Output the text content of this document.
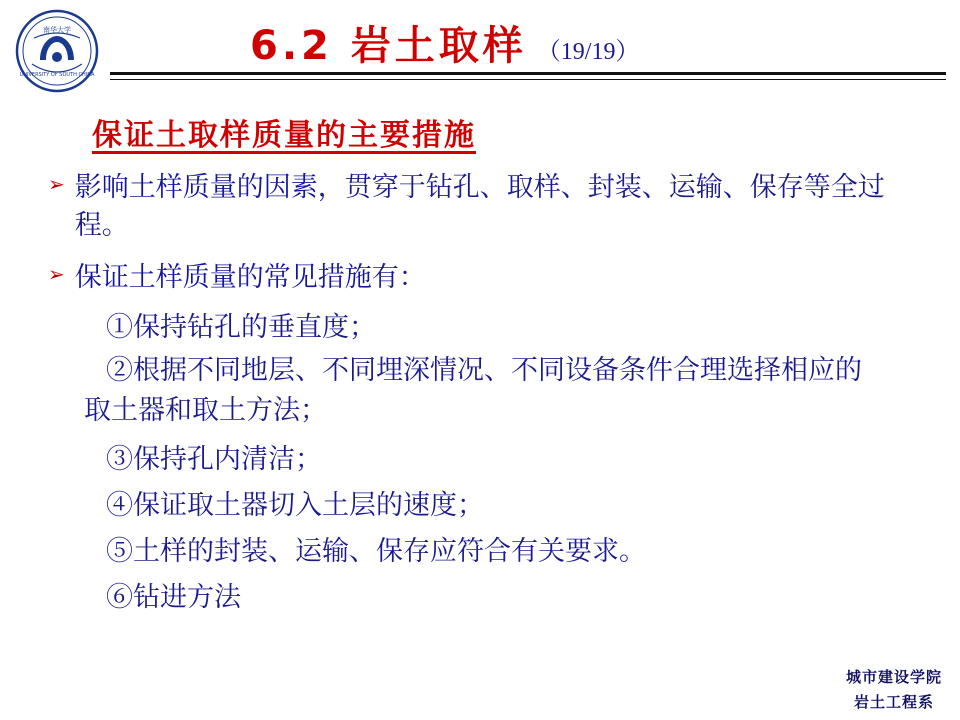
南华大学
UNIVERSITY OF SOUTH CHINA
6.2 岩土取样 （19/19）
保证土取样质量的主要措施
➢ 影响土样质量的因素，贯穿于钻孔、取样、封装、运输、保存等全过程。
➢ 保证土样质量的常见措施有：
①保持钻孔的垂直度；
②根据不同地层、不同埋深情况、不同设备条件合理选择相应的
取土器和取土方法；
③保持孔内清洁；
④保证取土器切入土层的速度；
⑤土样的封装、运输、保存应符合有关要求。
⑥钻进方法
城市建设学院
岩土工程系
